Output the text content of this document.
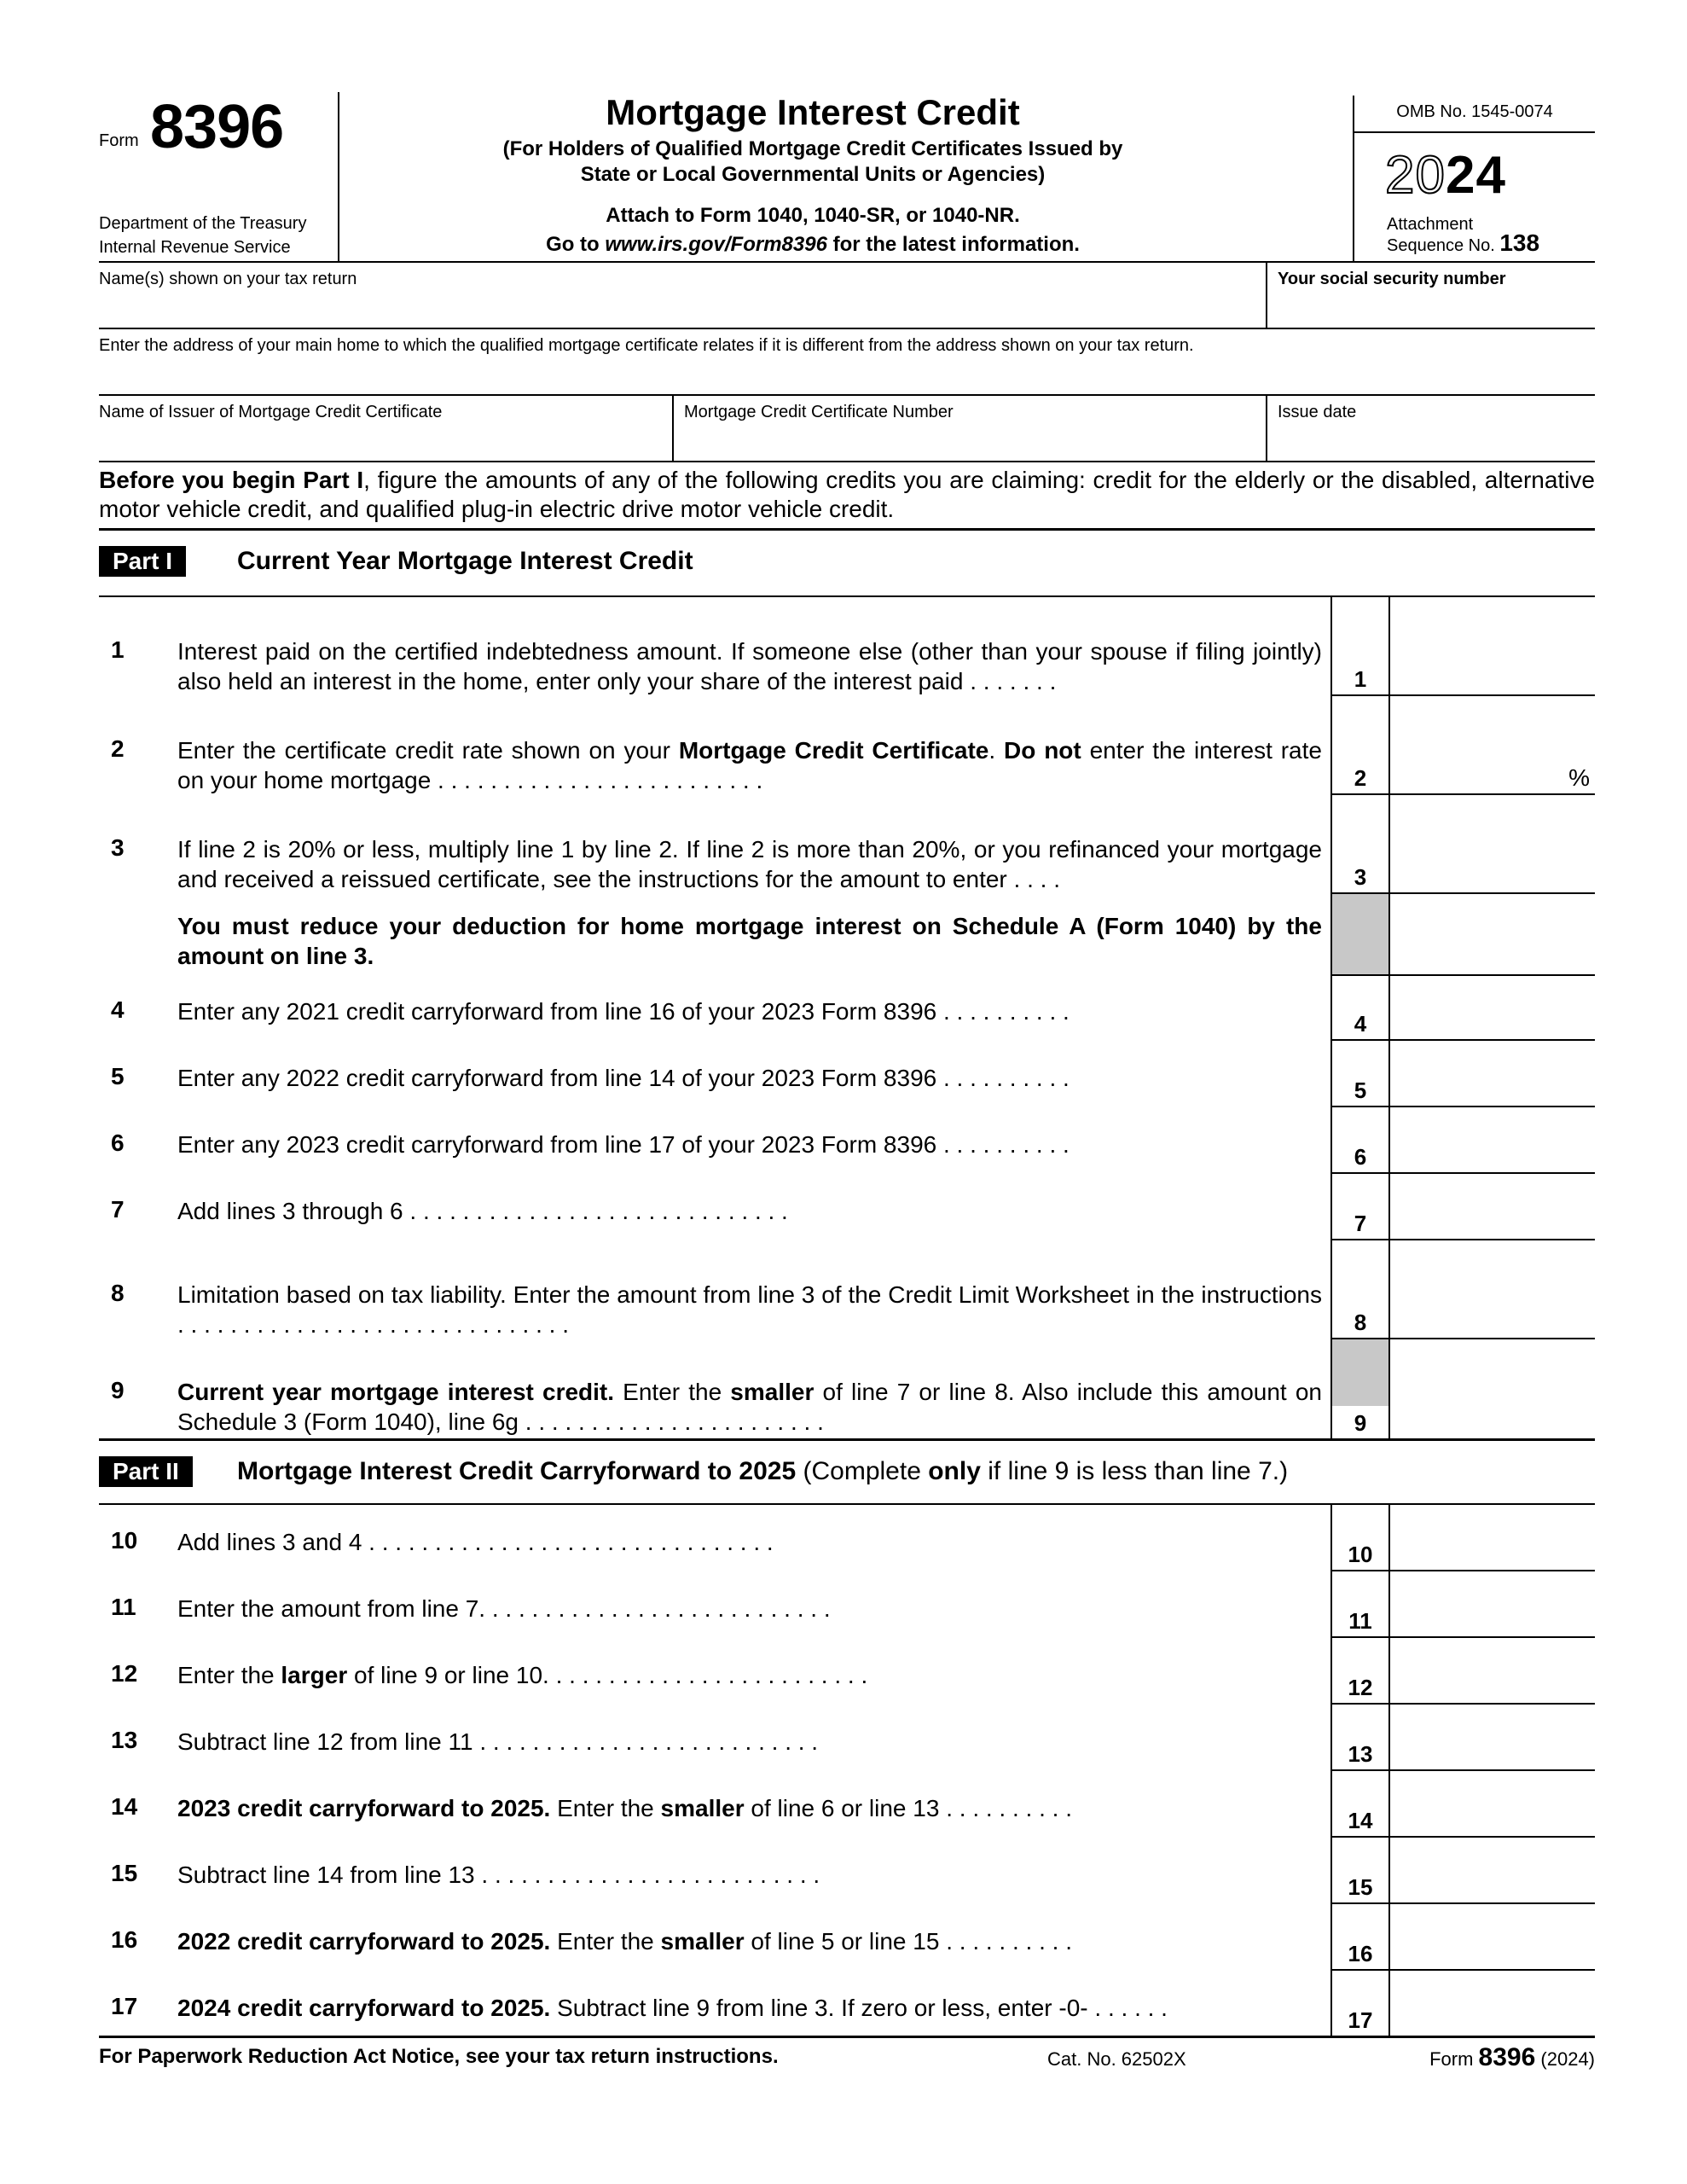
Form 8396
Department of the Treasury
Internal Revenue Service
Mortgage Interest Credit
(For Holders of Qualified Mortgage Credit Certificates Issued by
State or Local Governmental Units or Agencies)
Attach to Form 1040, 1040-SR, or 1040-NR.
Go to www.irs.gov/Form8396 for the latest information.
OMB No. 1545-0074
2024
Attachment
Sequence No. 138
Name(s) shown on your tax return	Your social security number
Enter the address of your main home to which the qualified mortgage certificate relates if it is different from the address shown on your tax return.
Name of Issuer of Mortgage Credit Certificate	Mortgage Credit Certificate Number	Issue date
Before you begin Part I, figure the amounts of any of the following credits you are claiming: credit for the elderly or the disabled, alternative motor vehicle credit, and qualified plug-in electric drive motor vehicle credit.
Part I	Current Year Mortgage Interest Credit
1	Interest paid on the certified indebtedness amount. If someone else (other than your spouse if filing jointly) also held an interest in the home, enter only your share of the interest paid . . . . . . .	1
2	Enter the certificate credit rate shown on your Mortgage Credit Certificate. Do not enter the interest rate on your home mortgage . . . . . . . . . . . . . . . . . . . . . . . . .	2	%
3	If line 2 is 20% or less, multiply line 1 by line 2. If line 2 is more than 20%, or you refinanced your mortgage and received a reissued certificate, see the instructions for the amount to enter . . . .	3
You must reduce your deduction for home mortgage interest on Schedule A (Form 1040) by the amount on line 3.
4	Enter any 2021 credit carryforward from line 16 of your 2023 Form 8396 . . . . . . . . . .	4
5	Enter any 2022 credit carryforward from line 14 of your 2023 Form 8396 . . . . . . . . . .	5
6	Enter any 2023 credit carryforward from line 17 of your 2023 Form 8396 . . . . . . . . . .	6
7	Add lines 3 through 6 . . . . . . . . . . . . . . . . . . . . . . . . . . . . .	7
8	Limitation based on tax liability. Enter the amount from line 3 of the Credit Limit Worksheet in the instructions . . . . . . . . . . . . . . . . . . . . . . . . . . . . . .	8
9	Current year mortgage interest credit. Enter the smaller of line 7 or line 8. Also include this amount on Schedule 3 (Form 1040), line 6g . . . . . . . . . . . . . . . . . . . . . . .	9
Part II	Mortgage Interest Credit Carryforward to 2025 (Complete only if line 9 is less than line 7.)
10	Add lines 3 and 4 . . . . . . . . . . . . . . . . . . . . . . . . . . . . . . .	10
11	Enter the amount from line 7. . . . . . . . . . . . . . . . . . . . . . . . . . .	11
12	Enter the larger of line 9 or line 10. . . . . . . . . . . . . . . . . . . . . . . . .	12
13	Subtract line 12 from line 11 . . . . . . . . . . . . . . . . . . . . . . . . . .	13
14	2023 credit carryforward to 2025. Enter the smaller of line 6 or line 13 . . . . . . . . . .	14
15	Subtract line 14 from line 13 . . . . . . . . . . . . . . . . . . . . . . . . . .	15
16	2022 credit carryforward to 2025. Enter the smaller of line 5 or line 15 . . . . . . . . . .	16
17	2024 credit carryforward to 2025. Subtract line 9 from line 3. If zero or less, enter -0- . . . . . .	17
For Paperwork Reduction Act Notice, see your tax return instructions.	Cat. No. 62502X	Form 8396 (2024)
